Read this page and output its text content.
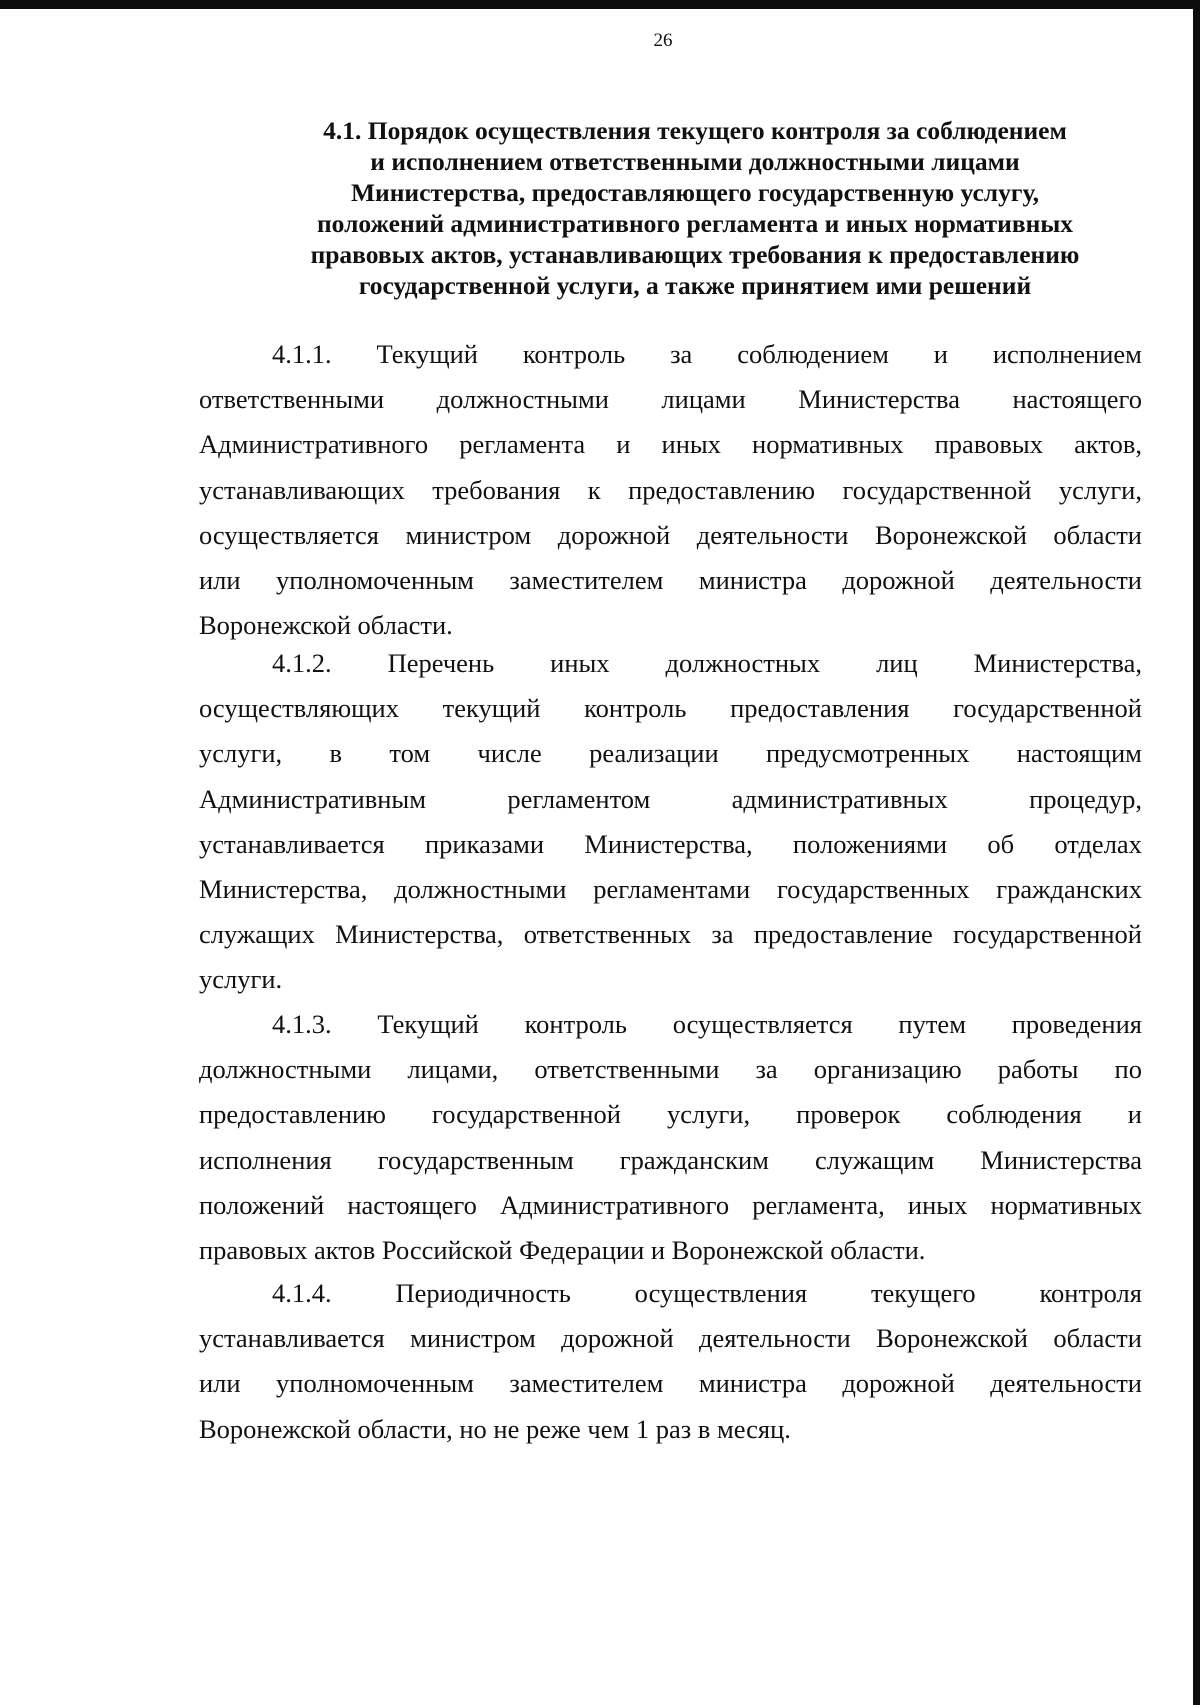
26
4.1. Порядок осуществления текущего контроля за соблюдением
и исполнением ответственными должностными лицами
Министерства, предоставляющего государственную услугу,
положений административного регламента и иных нормативных
правовых актов, устанавливающих требования к предоставлению
государственной услуги, а также принятием ими решений
4.1.1. Текущий контроль за соблюдением и исполнением
ответственными должностными лицами Министерства настоящего
Административного регламента и иных нормативных правовых актов,
устанавливающих требования к предоставлению государственной услуги,
осуществляется министром дорожной деятельности Воронежской области
или уполномоченным заместителем министра дорожной деятельности
Воронежской области.
4.1.2. Перечень иных должностных лиц Министерства,
осуществляющих текущий контроль предоставления государственной
услуги, в том числе реализации предусмотренных настоящим
Административным	регламентом	административных	процедур,
устанавливается приказами Министерства, положениями об отделах
Министерства, должностными регламентами государственных гражданских
служащих Министерства, ответственных за предоставление государственной
услуги.
4.1.3. Текущий контроль осуществляется путем проведения
должностными лицами, ответственными за организацию работы по
предоставлению государственной услуги, проверок соблюдения и
исполнения государственным гражданским служащим Министерства
положений настоящего Административного регламента, иных нормативных
правовых актов Российской Федерации и Воронежской области.
4.1.4. Периодичность осуществления текущего контроля
устанавливается министром дорожной деятельности Воронежской области
или уполномоченным заместителем министра дорожной деятельности
Воронежской области, но не реже чем 1 раз в месяц.
